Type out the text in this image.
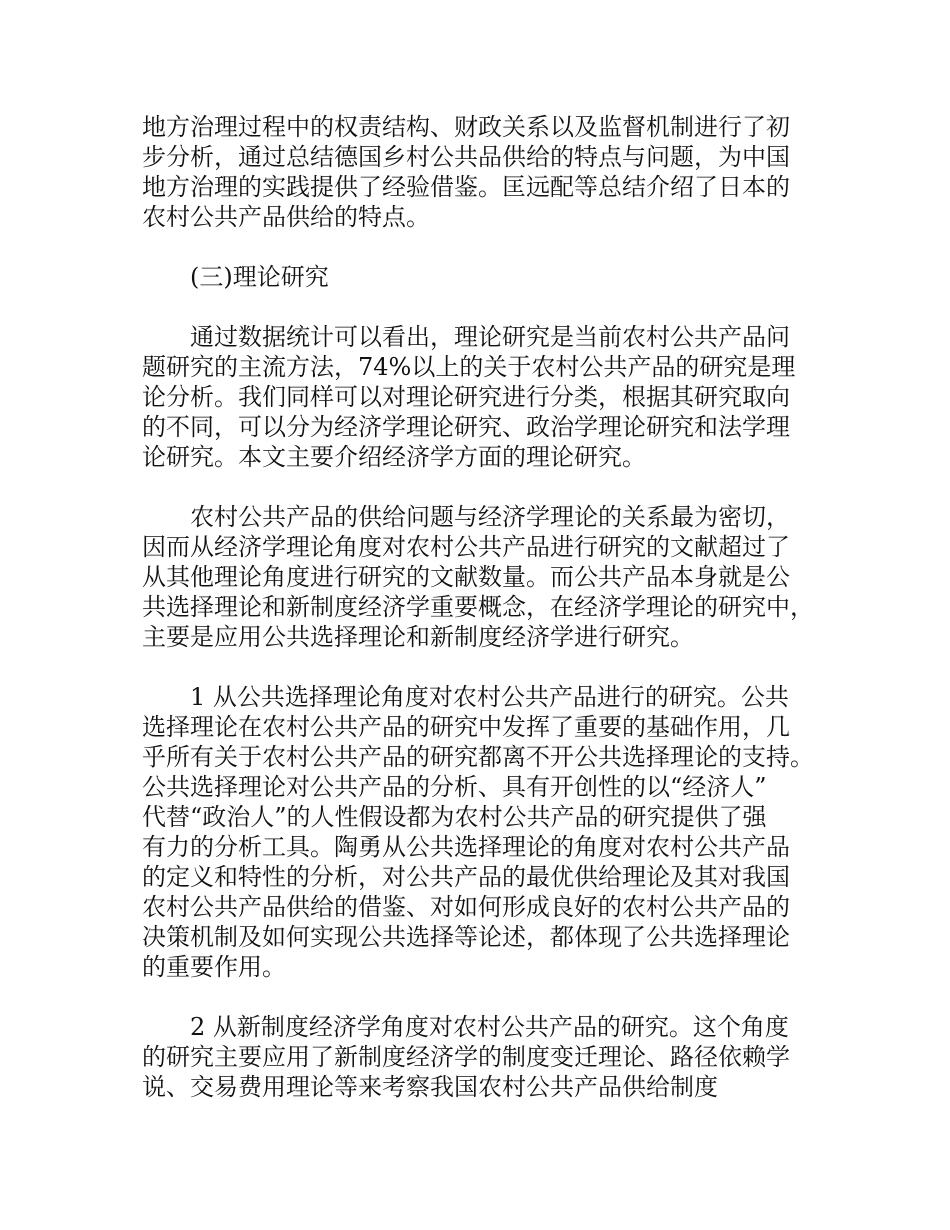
地方治理过程中的权责结构、财政关系以及监督机制进行了初
步分析，通过总结德国乡村公共品供给的特点与问题，为中国
地方治理的实践提供了经验借鉴。匡远配等总结介绍了日本的
农村公共产品供给的特点。

(三)理论研究

通过数据统计可以看出，理论研究是当前农村公共产品问
题研究的主流方法，74%以上的关于农村公共产品的研究是理
论分析。我们同样可以对理论研究进行分类，根据其研究取向
的不同，可以分为经济学理论研究、政治学理论研究和法学理
论研究。本文主要介绍经济学方面的理论研究。

农村公共产品的供给问题与经济学理论的关系最为密切，
因而从经济学理论角度对农村公共产品进行研究的文献超过了
从其他理论角度进行研究的文献数量。而公共产品本身就是公
共选择理论和新制度经济学重要概念，在经济学理论的研究中，
主要是应用公共选择理论和新制度经济学进行研究。

1 从公共选择理论角度对农村公共产品进行的研究。公共
选择理论在农村公共产品的研究中发挥了重要的基础作用，几
乎所有关于农村公共产品的研究都离不开公共选择理论的支持。
公共选择理论对公共产品的分析、具有开创性的以“经济人”
代替“政治人”的人性假设都为农村公共产品的研究提供了强
有力的分析工具。陶勇从公共选择理论的角度对农村公共产品
的定义和特性的分析，对公共产品的最优供给理论及其对我国
农村公共产品供给的借鉴、对如何形成良好的农村公共产品的
决策机制及如何实现公共选择等论述，都体现了公共选择理论
的重要作用。

2 从新制度经济学角度对农村公共产品的研究。这个角度
的研究主要应用了新制度经济学的制度变迁理论、路径依赖学
说、交易费用理论等来考察我国农村公共产品供给制度
